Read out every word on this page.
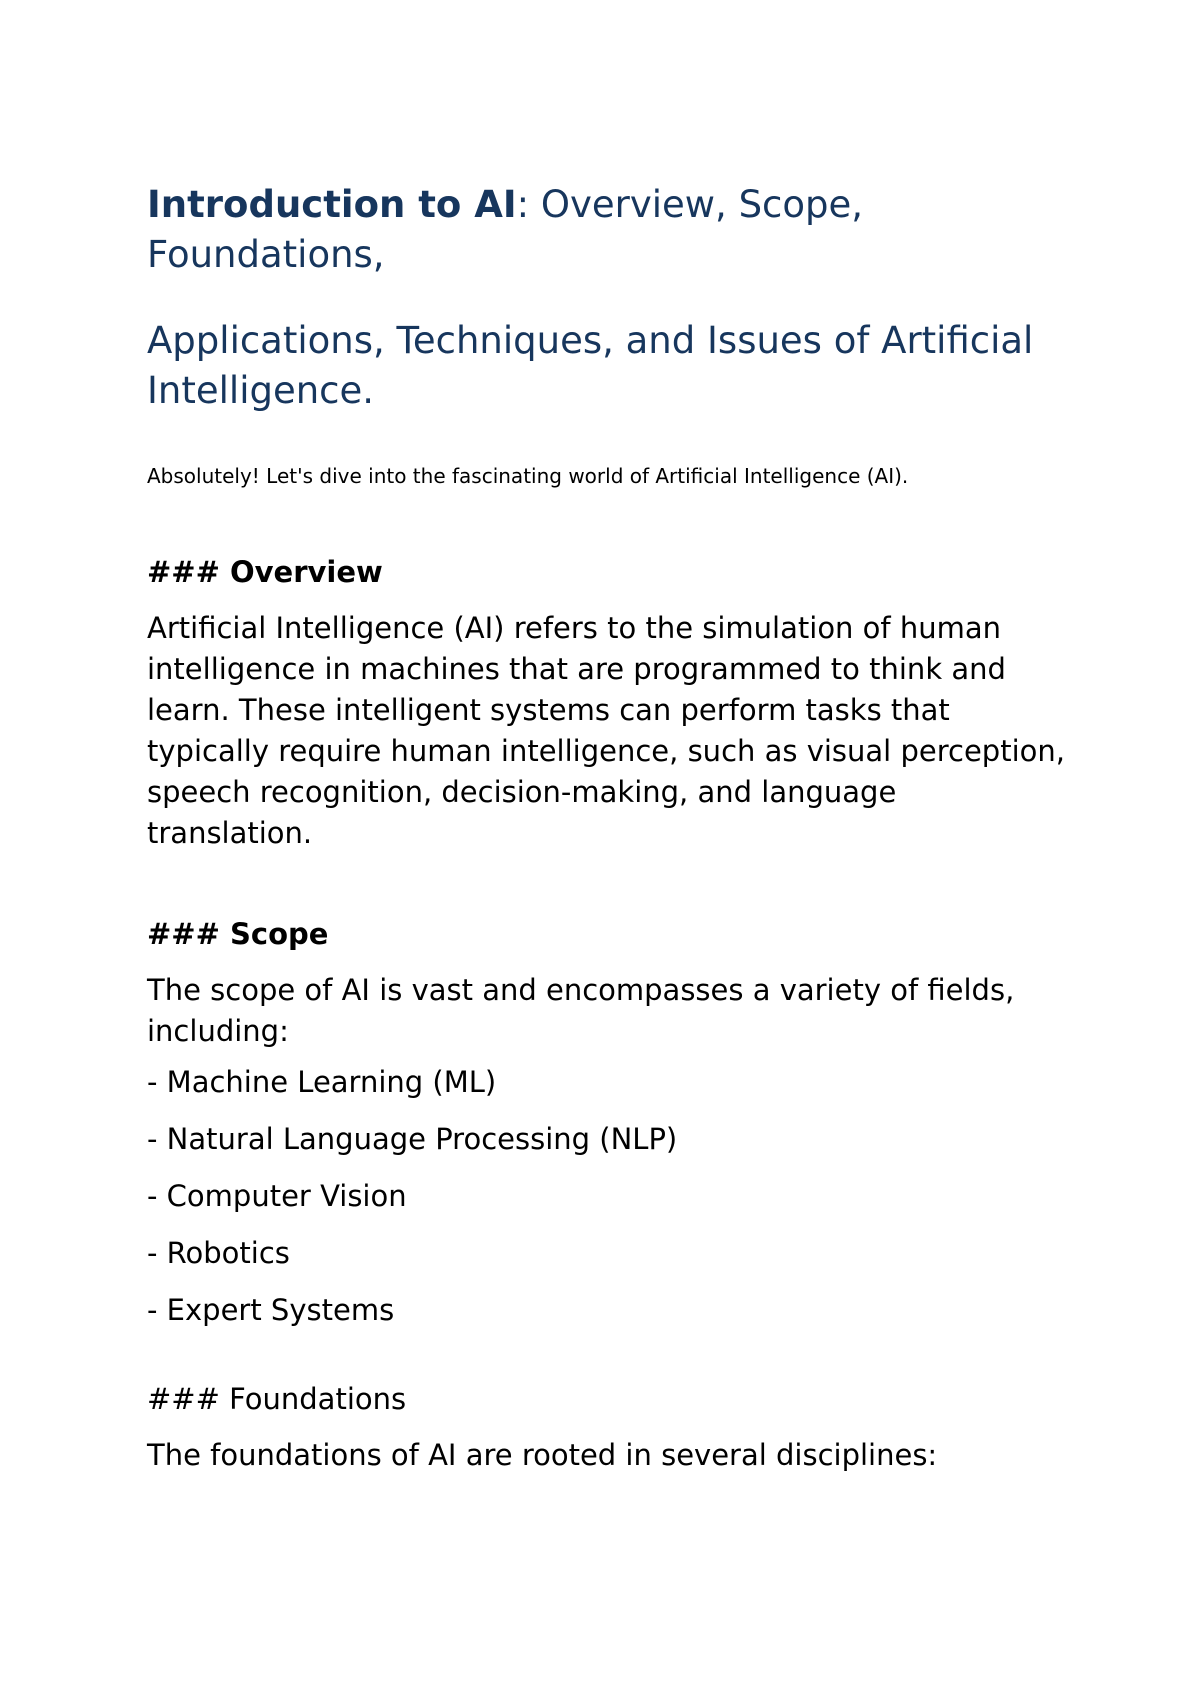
Introduction to AI: Overview, Scope, Foundations,
Applications, Techniques, and Issues of Artificial Intelligence.

Absolutely! Let's dive into the fascinating world of Artificial Intelligence (AI).

### Overview

Artificial Intelligence (AI) refers to the simulation of human intelligence in machines that are programmed to think and learn. These intelligent systems can perform tasks that typically require human intelligence, such as visual perception, speech recognition, decision-making, and language translation.

### Scope

The scope of AI is vast and encompasses a variety of fields, including:

- Machine Learning (ML)
- Natural Language Processing (NLP)
- Computer Vision
- Robotics
- Expert Systems
### Foundations

The foundations of AI are rooted in several disciplines:
